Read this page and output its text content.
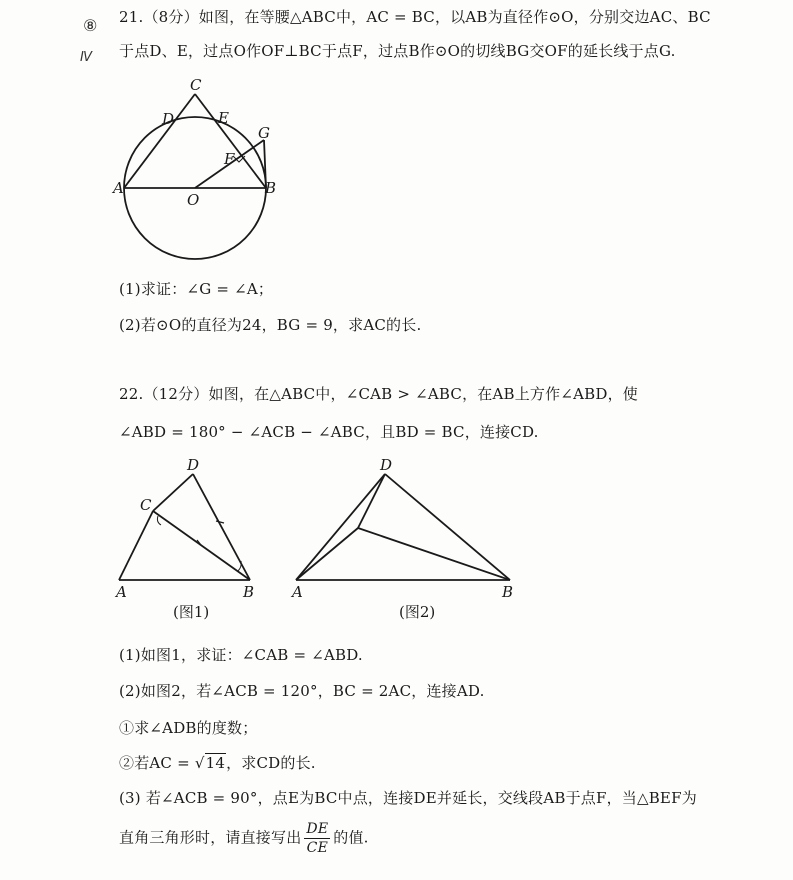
⑧
Ⅳ
21.（8分）如图，在等腰△ABC中，AC = BC，以AB为直径作⊙O，分别交边AC、BC
于点D、E，过点O作OF⊥BC于点F，过点B作⊙O的切线BG交OF的延长线于点G.
C
D	E
G
F
A	B
O
(1)求证：∠G = ∠A；
(2)若⊙O的直径为24，BG = 9，求AC的长.
22.（12分）如图，在△ABC中，∠CAB > ∠ABC，在AB上方作∠ABD，使
∠ABD = 180° − ∠ACB − ∠ABC，且BD = BC，连接CD.
D
C
A	B
(图1)
D
A	B
(图2)
(1)如图1，求证：∠CAB = ∠ABD.
(2)如图2，若∠ACB = 120°，BC = 2AC，连接AD.
①求∠ADB的度数；
②若AC = √14，求CD的长.
(3) 若∠ACB = 90°，点E为BC中点，连接DE并延长，交线段AB于点F，当△BEF为
直角三角形时，请直接写出 $\frac{DE}{CE}$ 的值.
